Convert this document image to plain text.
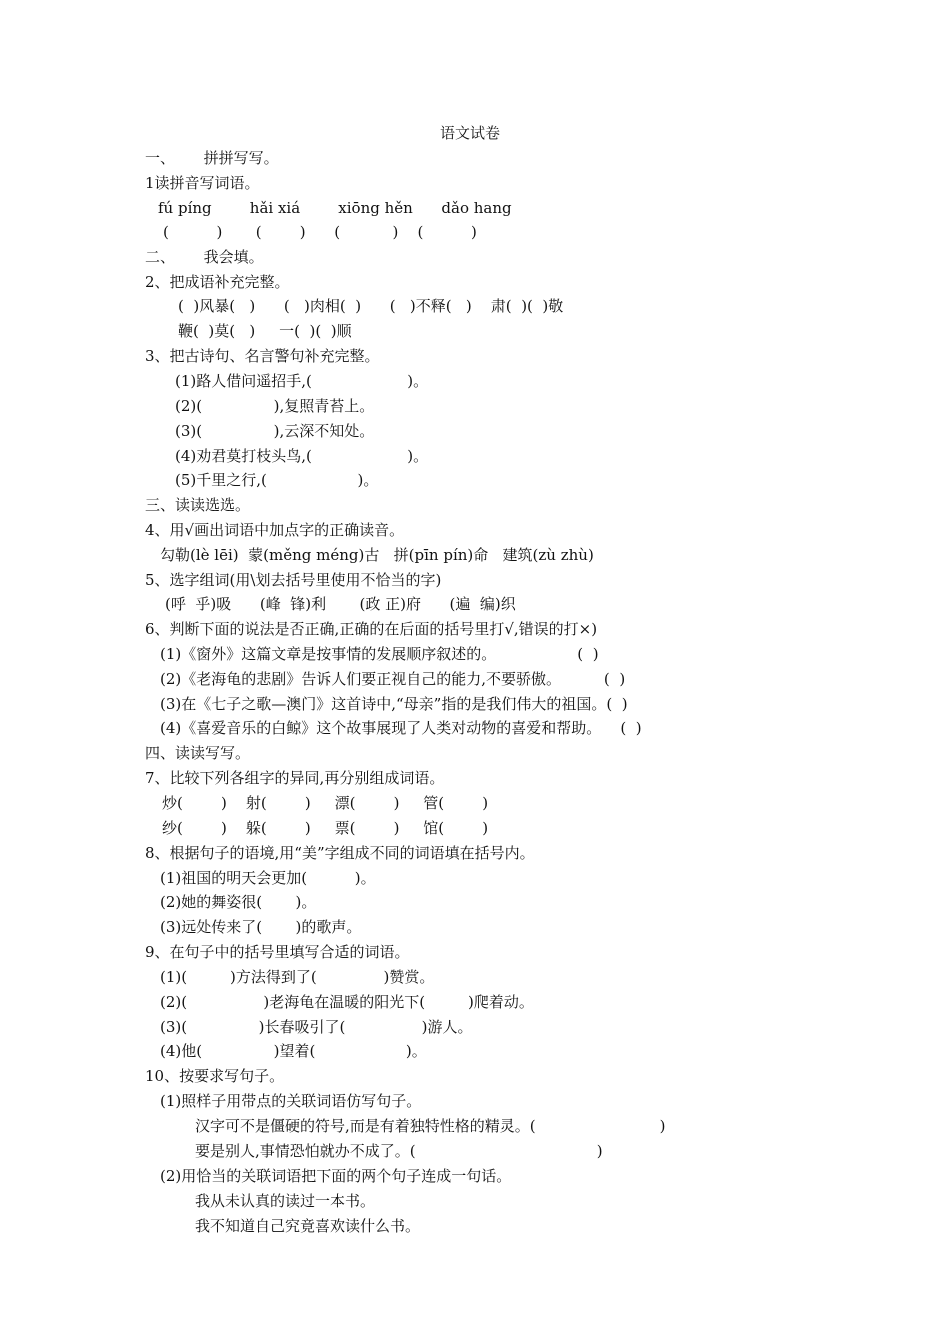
语文试卷
一、      拼拼写写。
1读拼音写词语。
fú píng        hǎi xiá        xiōng hěn      dǎo hang
(          )       (        )      (           )    (          )
二、      我会填。
2、把成语补充完整。
(  )风暴(   )      (   )肉相(  )      (   )不释(   )    肃(  )(  )敬
鞭(  )莫(   )     一(  )(  )顺
3、把古诗句、名言警句补充完整。
(1)路人借问遥招手,(                    )。
(2)(               ),复照青苔上。
(3)(               ),云深不知处。
(4)劝君莫打枝头鸟,(                    )。
(5)千里之行,(                   )。
三、读读选选。
4、用√画出词语中加点字的正确读音。
勾勒(lè lēi)  蒙(měng méng)古   拼(pīn pín)命   建筑(zù zhù)
5、选字组词(用\划去括号里使用不恰当的字)
(呼  乎)吸      (峰  锋)利       (政 正)府      (遍  编)织
6、判断下面的说法是否正确,正确的在后面的括号里打√,错误的打×)
(1)《窗外》这篇文章是按事情的发展顺序叙述的。                 (  )
(2)《老海龟的悲剧》告诉人们要正视自己的能力,不要骄傲。         (  )
(3)在《七子之歌—澳门》这首诗中,“母亲”指的是我们伟大的祖国。(  )
(4)《喜爱音乐的白鲸》这个故事展现了人类对动物的喜爱和帮助。    (  )
四、读读写写。
7、比较下列各组字的异同,再分别组成词语。
炒(        )    射(        )     漂(        )     管(        )
纱(        )    躲(        )     票(        )     馆(        )
8、根据句子的语境,用“美”字组成不同的词语填在括号内。
(1)祖国的明天会更加(          )。
(2)她的舞姿很(       )。
(3)远处传来了(       )的歌声。
9、在句子中的括号里填写合适的词语。
(1)(         )方法得到了(              )赞赏。
(2)(                )老海龟在温暖的阳光下(         )爬着动。
(3)(               )长春吸引了(                )游人。
(4)他(               )望着(                   )。
10、按要求写句子。
(1)照样子用带点的关联词语仿写句子。
汉字可不是僵硬的符号,而是有着独特性格的精灵。(                          )
要是别人,事情恐怕就办不成了。(                                      )
(2)用恰当的关联词语把下面的两个句子连成一句话。
我从未认真的读过一本书。
我不知道自己究竟喜欢读什么书。
